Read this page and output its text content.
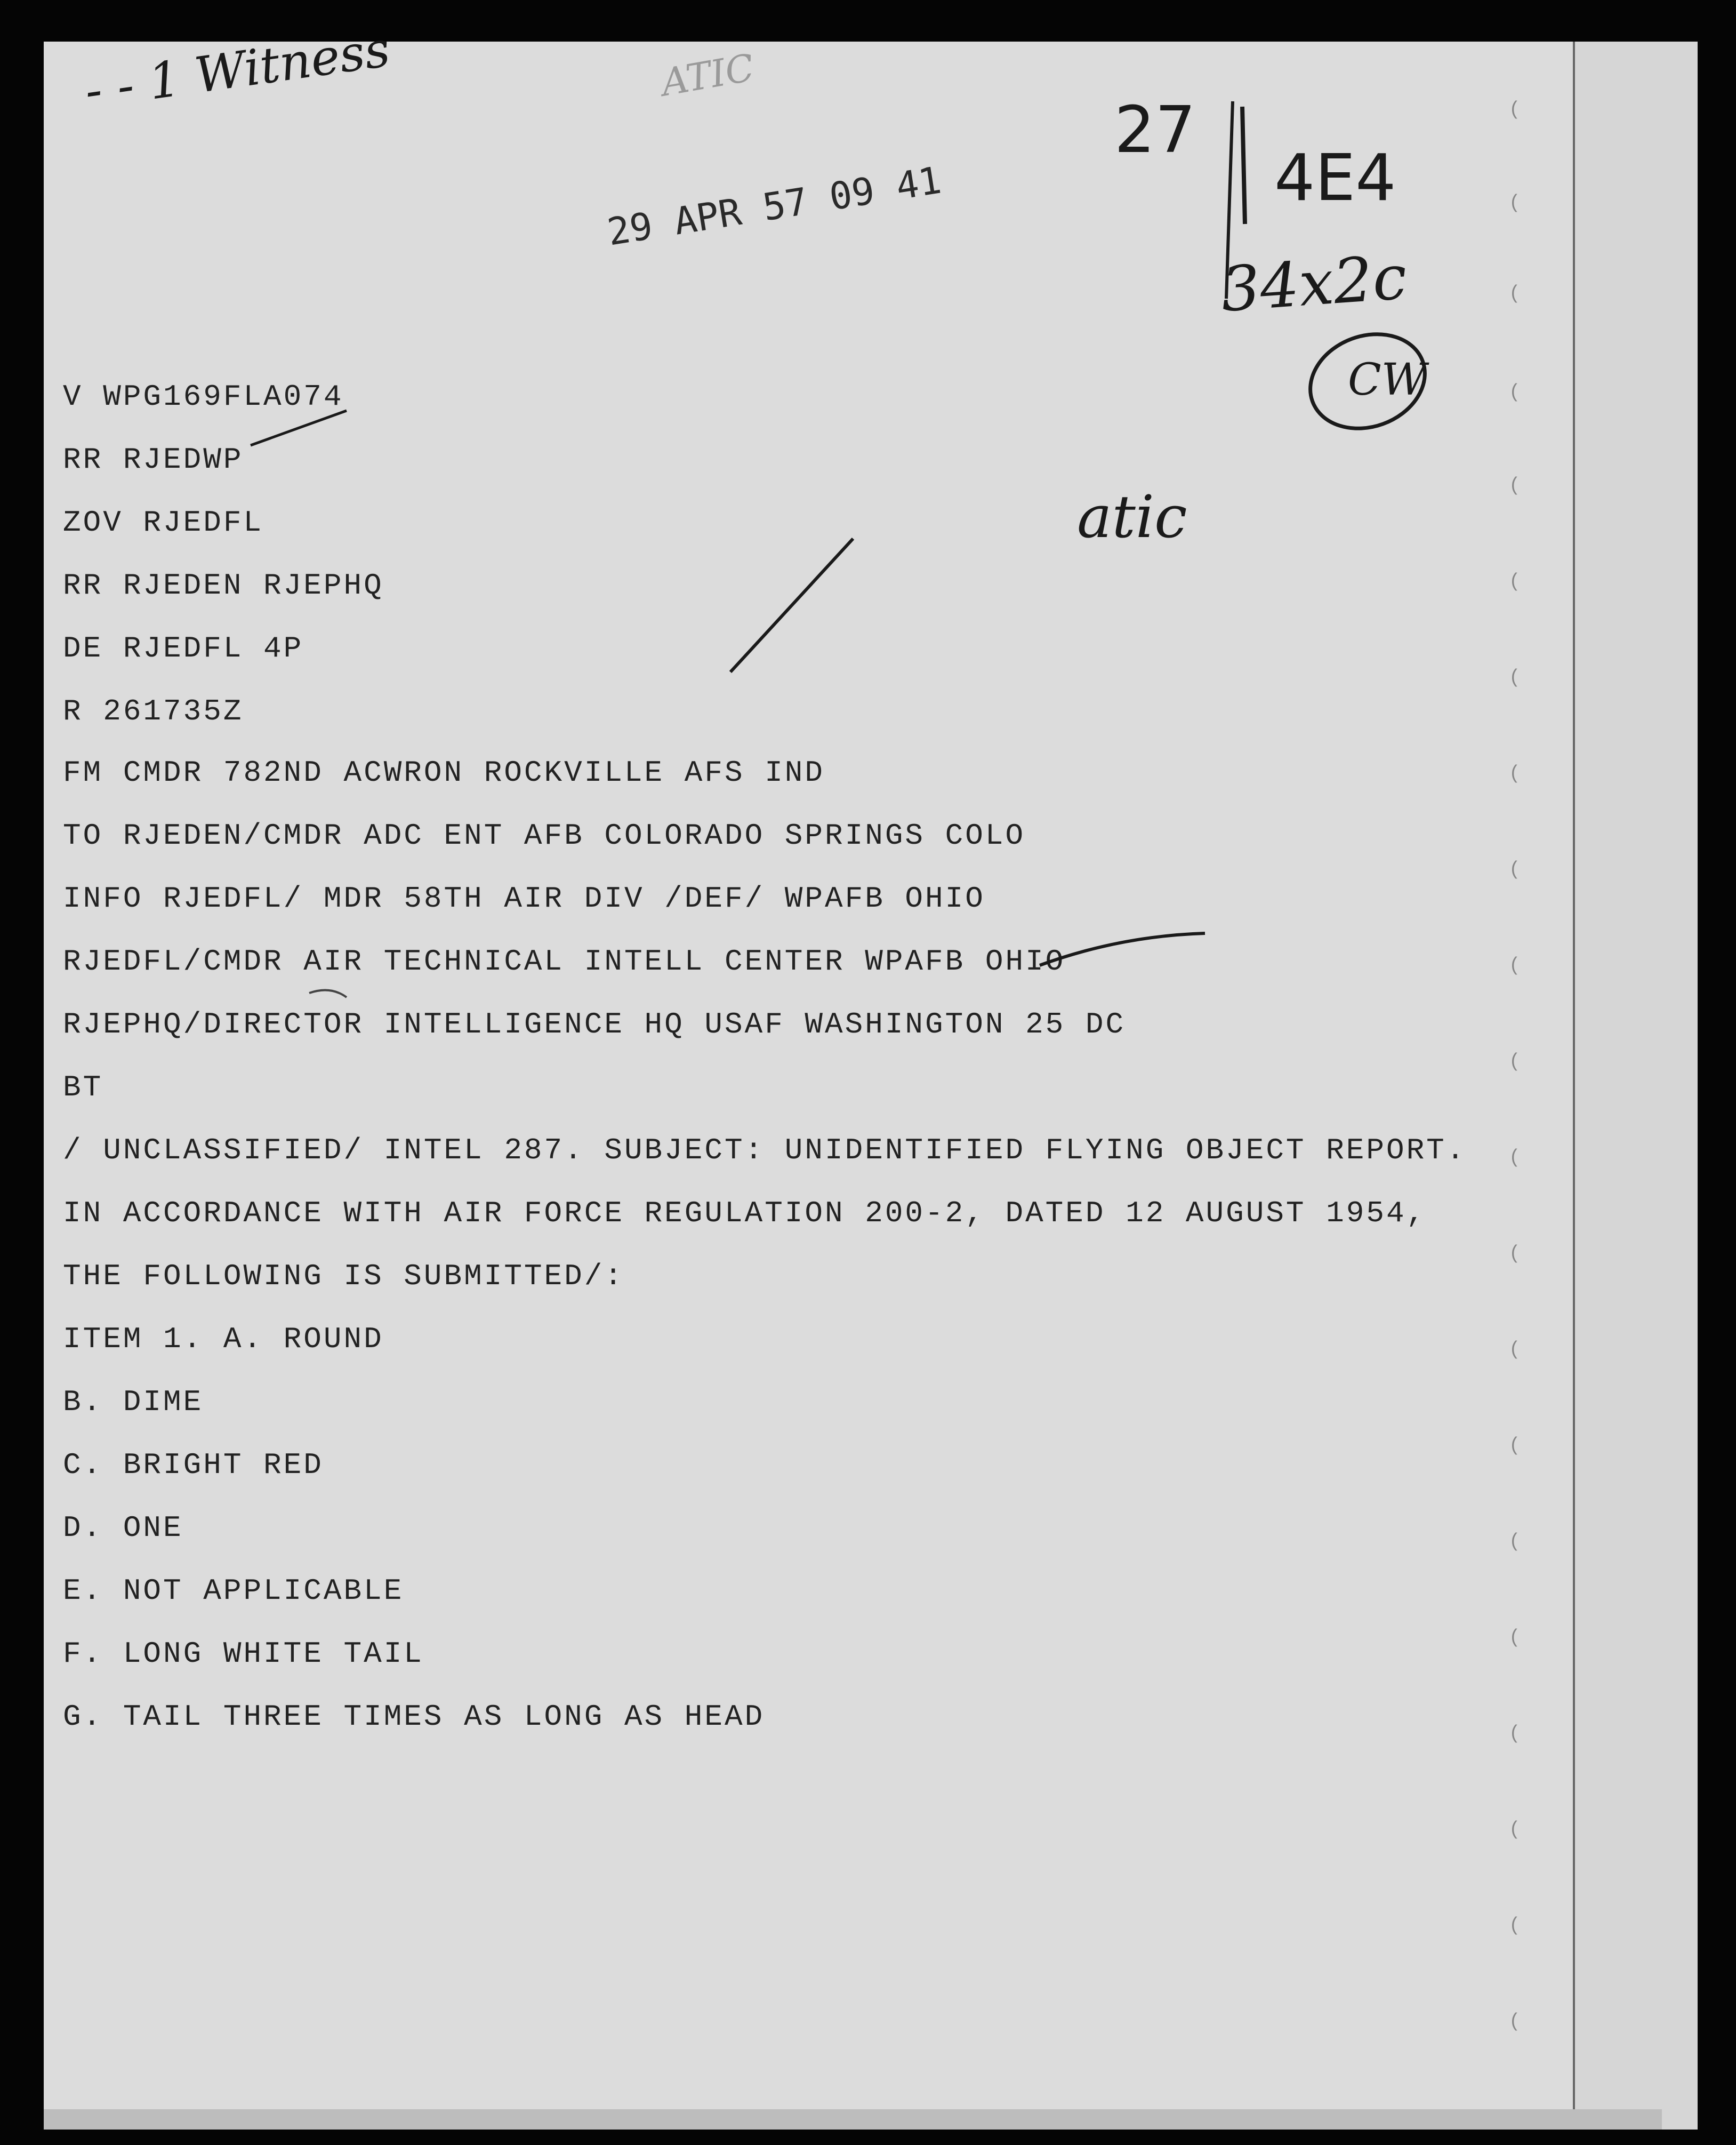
(
(
(
(
(
(
(
(
(
(
(
(
(
(
(
(
(
(
(
(
(
- - 1 Witness	ATIC
27
4E4
34x2c
CW
atic
29 APR 57 09 41
V WPG169FLA074
RR RJEDWP
ZOV RJEDFL
RR RJEDEN RJEPHQ
DE RJEDFL 4P
R 261735Z
FM CMDR 782ND ACWRON ROCKVILLE AFS IND
TO RJEDEN/CMDR ADC ENT AFB COLORADO SPRINGS COLO
INFO RJEDFL/ MDR 58TH AIR DIV /DEF/ WPAFB OHIO
RJEDFL/CMDR AIR TECHNICAL INTELL CENTER WPAFB OHIO
RJEPHQ/DIRECTOR INTELLIGENCE HQ USAF WASHINGTON 25 DC
BT
/ UNCLASSIFIED/ INTEL 287. SUBJECT: UNIDENTIFIED FLYING OBJECT REPORT.
IN ACCORDANCE WITH AIR FORCE REGULATION 200-2, DATED 12 AUGUST 1954,
THE FOLLOWING IS SUBMITTED/:
ITEM 1. A. ROUND
B. DIME
C. BRIGHT RED
D. ONE
E. NOT APPLICABLE
F. LONG WHITE TAIL
G. TAIL THREE TIMES AS LONG AS HEAD
